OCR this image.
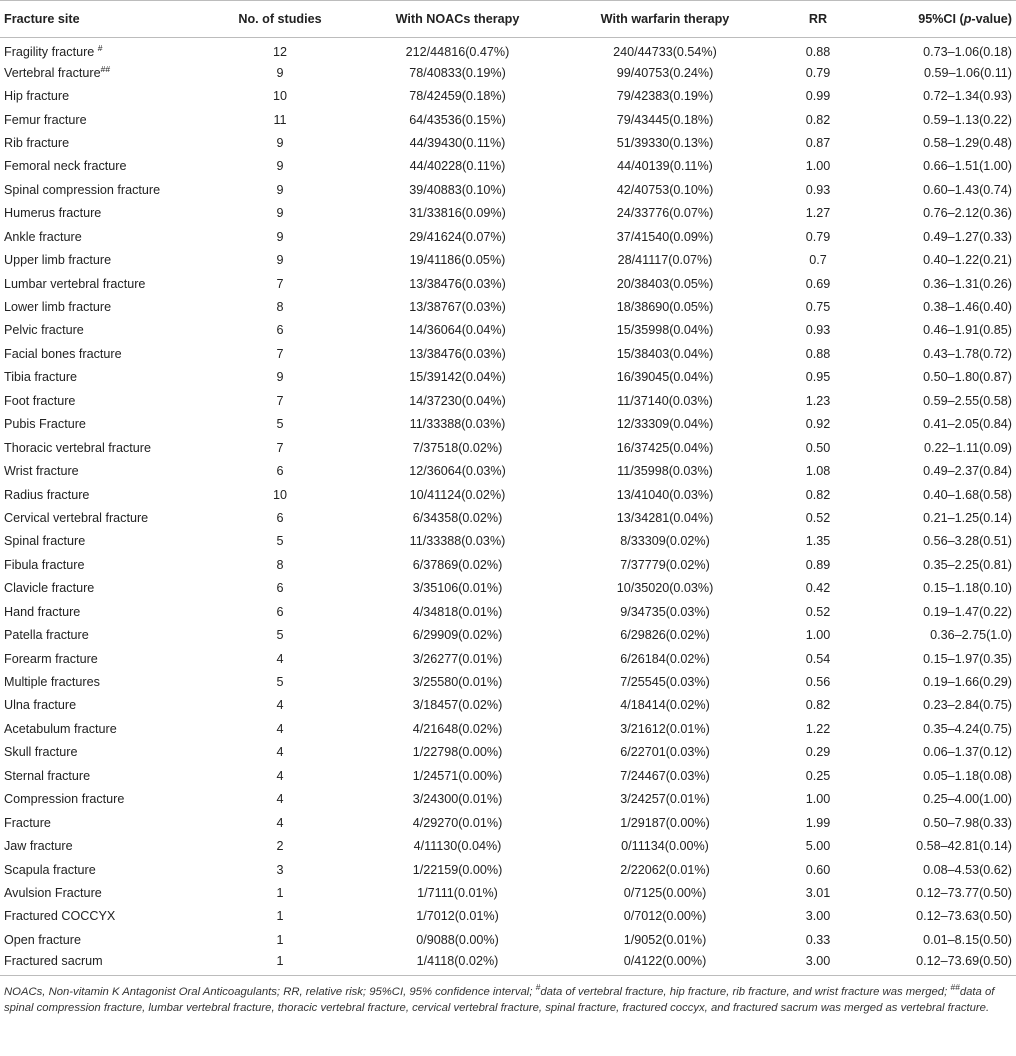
Fracture site	No. of studies	With NOACs therapy	With warfarin therapy	RR	95%CI (p-value)
Fragility fracture #	12	212/44816(0.47%)	240/44733(0.54%)	0.88	0.73–1.06(0.18)
Vertebral fracture##	9	78/40833(0.19%)	99/40753(0.24%)	0.79	0.59–1.06(0.11)
Hip fracture	10	78/42459(0.18%)	79/42383(0.19%)	0.99	0.72–1.34(0.93)
Femur fracture	11	64/43536(0.15%)	79/43445(0.18%)	0.82	0.59–1.13(0.22)
Rib fracture	9	44/39430(0.11%)	51/39330(0.13%)	0.87	0.58–1.29(0.48)
Femoral neck fracture	9	44/40228(0.11%)	44/40139(0.11%)	1.00	0.66–1.51(1.00)
Spinal compression fracture	9	39/40883(0.10%)	42/40753(0.10%)	0.93	0.60–1.43(0.74)
Humerus fracture	9	31/33816(0.09%)	24/33776(0.07%)	1.27	0.76–2.12(0.36)
Ankle fracture	9	29/41624(0.07%)	37/41540(0.09%)	0.79	0.49–1.27(0.33)
Upper limb fracture	9	19/41186(0.05%)	28/41117(0.07%)	0.7	0.40–1.22(0.21)
Lumbar vertebral fracture	7	13/38476(0.03%)	20/38403(0.05%)	0.69	0.36–1.31(0.26)
Lower limb fracture	8	13/38767(0.03%)	18/38690(0.05%)	0.75	0.38–1.46(0.40)
Pelvic fracture	6	14/36064(0.04%)	15/35998(0.04%)	0.93	0.46–1.91(0.85)
Facial bones fracture	7	13/38476(0.03%)	15/38403(0.04%)	0.88	0.43–1.78(0.72)
Tibia fracture	9	15/39142(0.04%)	16/39045(0.04%)	0.95	0.50–1.80(0.87)
Foot fracture	7	14/37230(0.04%)	11/37140(0.03%)	1.23	0.59–2.55(0.58)
Pubis Fracture	5	11/33388(0.03%)	12/33309(0.04%)	0.92	0.41–2.05(0.84)
Thoracic vertebral fracture	7	7/37518(0.02%)	16/37425(0.04%)	0.50	0.22–1.11(0.09)
Wrist fracture	6	12/36064(0.03%)	11/35998(0.03%)	1.08	0.49–2.37(0.84)
Radius fracture	10	10/41124(0.02%)	13/41040(0.03%)	0.82	0.40–1.68(0.58)
Cervical vertebral fracture	6	6/34358(0.02%)	13/34281(0.04%)	0.52	0.21–1.25(0.14)
Spinal fracture	5	11/33388(0.03%)	8/33309(0.02%)	1.35	0.56–3.28(0.51)
Fibula fracture	8	6/37869(0.02%)	7/37779(0.02%)	0.89	0.35–2.25(0.81)
Clavicle fracture	6	3/35106(0.01%)	10/35020(0.03%)	0.42	0.15–1.18(0.10)
Hand fracture	6	4/34818(0.01%)	9/34735(0.03%)	0.52	0.19–1.47(0.22)
Patella fracture	5	6/29909(0.02%)	6/29826(0.02%)	1.00	0.36–2.75(1.0)
Forearm fracture	4	3/26277(0.01%)	6/26184(0.02%)	0.54	0.15–1.97(0.35)
Multiple fractures	5	3/25580(0.01%)	7/25545(0.03%)	0.56	0.19–1.66(0.29)
Ulna fracture	4	3/18457(0.02%)	4/18414(0.02%)	0.82	0.23–2.84(0.75)
Acetabulum fracture	4	4/21648(0.02%)	3/21612(0.01%)	1.22	0.35–4.24(0.75)
Skull fracture	4	1/22798(0.00%)	6/22701(0.03%)	0.29	0.06–1.37(0.12)
Sternal fracture	4	1/24571(0.00%)	7/24467(0.03%)	0.25	0.05–1.18(0.08)
Compression fracture	4	3/24300(0.01%)	3/24257(0.01%)	1.00	0.25–4.00(1.00)
Fracture	4	4/29270(0.01%)	1/29187(0.00%)	1.99	0.50–7.98(0.33)
Jaw fracture	2	4/11130(0.04%)	0/11134(0.00%)	5.00	0.58–42.81(0.14)
Scapula fracture	3	1/22159(0.00%)	2/22062(0.01%)	0.60	0.08–4.53(0.62)
Avulsion Fracture	1	1/7111(0.01%)	0/7125(0.00%)	3.01	0.12–73.77(0.50)
Fractured COCCYX	1	1/7012(0.01%)	0/7012(0.00%)	3.00	0.12–73.63(0.50)
Open fracture	1	0/9088(0.00%)	1/9052(0.01%)	0.33	0.01–8.15(0.50)
Fractured sacrum	1	1/4118(0.02%)	0/4122(0.00%)	3.00	0.12–73.69(0.50)
NOACs, Non-vitamin K Antagonist Oral Anticoagulants; RR, relative risk; 95%CI, 95% confidence interval; #data of vertebral fracture, hip fracture, rib fracture, and wrist fracture was merged; ##data of spinal compression fracture, lumbar vertebral fracture, thoracic vertebral fracture, cervical vertebral fracture, spinal fracture, fractured coccyx, and fractured sacrum was merged as vertebral fracture.
